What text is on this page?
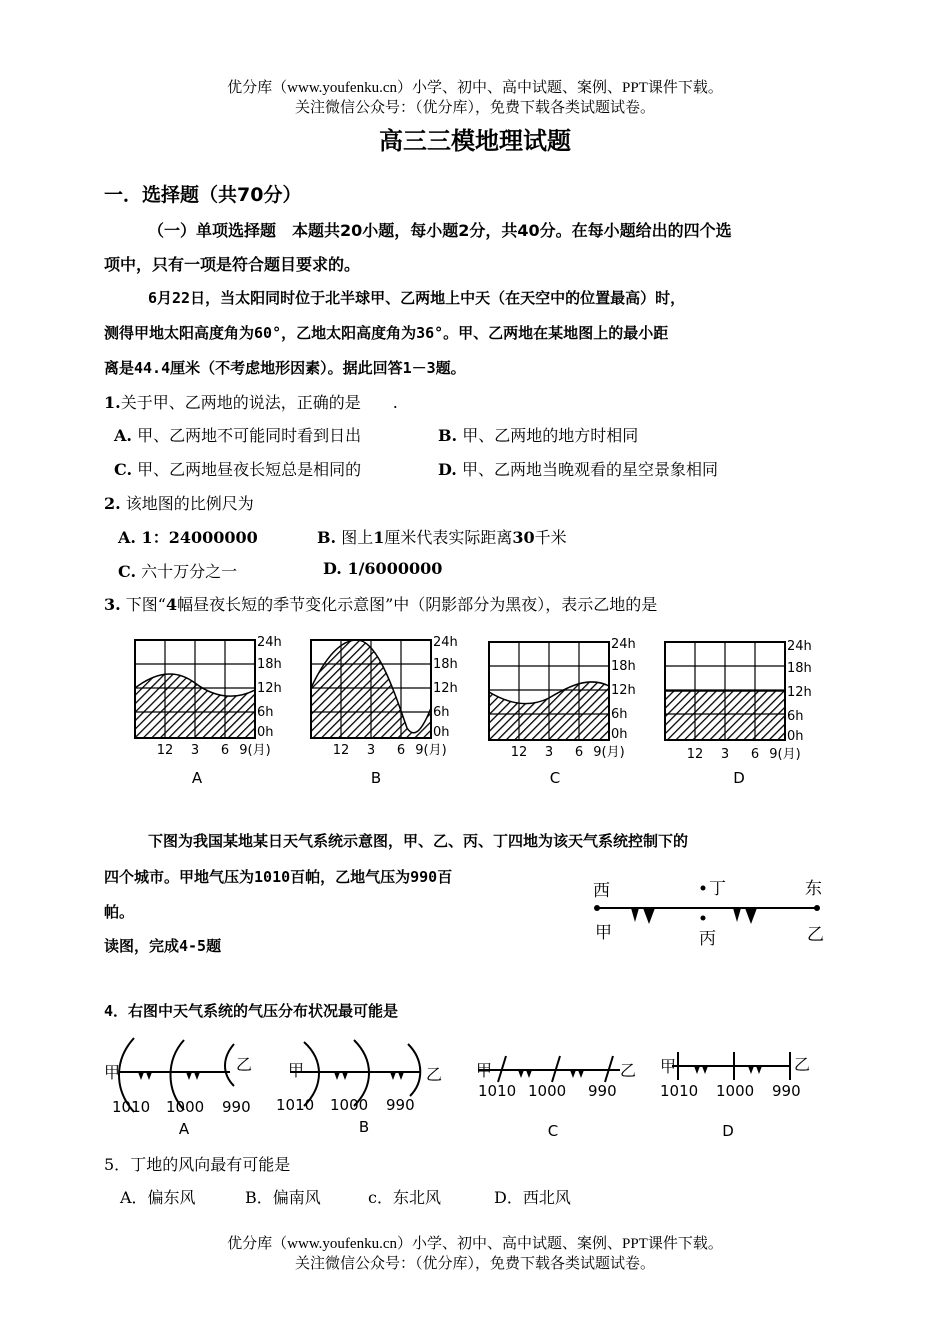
优分库（www.youfenku.cn）小学、初中、高中试题、案例、PPT课件下载。
关注微信公众号：（优分库），免费下载各类试题试卷。
高三三模地理试题
一．选择题（共70分）
（一）单项选择题　本题共20小题，每小题2分，共40分。在每小题给出的四个选
项中，只有一项是符合题目要求的。
6月22日，当太阳同时位于北半球甲、乙两地上中天（在天空中的位置最高）时，
测得甲地太阳高度角为60°，乙地太阳高度角为36°。甲、乙两地在某地图上的最小距
离是44.4厘米（不考虑地形因素）。据此回答1－3题。
1.关于甲、乙两地的说法，正确的是　　.
A. 甲、乙两地不可能同时看到日出	B. 甲、乙两地的地方时相同
C. 甲、乙两地昼夜长短总是相同的	D. 甲、乙两地当晚观看的星空景象相同
2. 该地图的比例尺为
A. 1：24000000	B. 图上1厘米代表实际距离30千米
C. 六十万分之一	D. 1/6000000
3. 下图“4幅昼夜长短的季节变化示意图”中（阴影部分为黑夜），表示乙地的是
24h
18h
12h
6h
0h
24h
18h
12h
6h
0h
24h
18h
12h
6h
0h
24h
18h
12h
6h
0h
12 3 6 9(月)	12 3 6 9(月)	12 3 6 9(月)	12 3 6 9(月)
A	B	C	D
下图为我国某地某日天气系统示意图，甲、乙、丙、丁四地为该天气系统控制下的
四个城市。甲地气压为1010百帕，乙地气压为990百
帕。
读图，完成4-5题
西	丁	东
甲	丙	乙
4．右图中天气系统的气压分布状况最可能是
甲	乙 甲	乙 甲	乙 甲	乙
1010 1000 990 1010 1000 990
1010 1000 990	1010 1000 990
A	B	C	D
5．丁地的风向最有可能是
A．偏东风	B．偏南风	c．东北风	D．西北风
优分库（www.youfenku.cn）小学、初中、高中试题、案例、PPT课件下载。
关注微信公众号：（优分库），免费下载各类试题试卷。
